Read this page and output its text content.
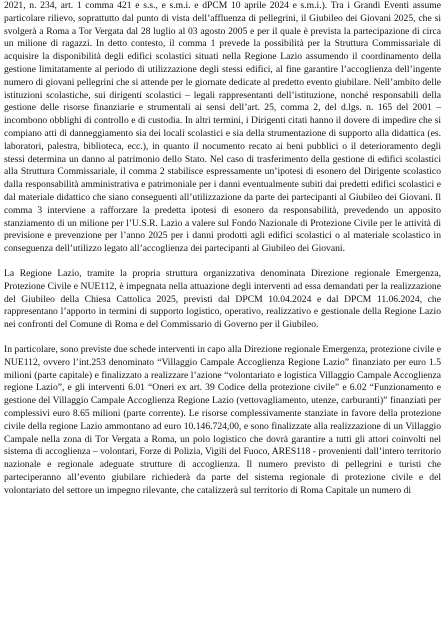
2021, n. 234, art. 1 comma 421 e s.s., e s.m.i. e dPCM 10 aprile 2024 e s.m.i.). Tra i Grandi Eventi assume particolare rilievo, soprattutto dal punto di vista dell’affluenza di pellegrini, il Giubileo dei Giovani 2025, che si svolgerà a Roma a Tor Vergata dal 28 luglio al 03 agosto 2005 e per il quale è prevista la partecipazione di circa un milione di ragazzi. In detto contesto, il comma 1 prevede la possibilità per la Struttura Commissariale di acquisire la disponibilità degli edifici scolastici situati nella Regione Lazio assumendo il coordinamento della gestione limitatamente al periodo di utilizzazione degli stessi edifici, al fine garantire l’accoglienza dell’ingente numero di giovani pellegrini che si attende per le giornate dedicate al predetto evento giubilare. Nell’ambito delle istituzioni scolastiche, sui dirigenti scolastici – legali rappresentanti dell’istituzione, nonché responsabili della gestione delle risorse finanziarie e strumentali ai sensi dell’art. 25, comma 2, del d.lgs. n. 165 del 2001 – incombono obblighi di controllo e di custodia. In altri termini, i Dirigenti citati hanno il dovere di impedire che si compiano atti di danneggiamento sia dei locali scolastici e sia della strumentazione di supporto alla didattica (es. laboratori, palestra, biblioteca, ecc.), in quanto il nocumento recato ai beni pubblici o il deterioramento degli stessi determina un danno al patrimonio dello Stato. Nel caso di trasferimento della gestione di edifici scolastici alla Struttura Commissariale, il comma 2 stabilisce espressamente un’ipotesi di esonero del Dirigente scolastico dalla responsabilità amministrativa e patrimoniale per i danni eventualmente subiti dai predetti edifici scolastici e dal materiale didattico che siano conseguenti all’utilizzazione da parte dei partecipanti al Giubileo dei Giovani. Il comma 3 interviene a rafforzare la predetta ipotesi di esonero da responsabilità, prevedendo un apposito stanziamento di un milione per l’U.S.R. Lazio a valere sul Fondo Nazionale di Protezione Civile per le attività di previsione e prevenzione per l’anno 2025 per i danni prodotti agli edifici scolastici o al materiale scolastico in conseguenza dell’utilizzo legato all’accoglienza dei partecipanti al Giubileo dei Giovani.

La Regione Lazio, tramite la propria struttura organizzativa denominata Direzione regionale Emergenza, Protezione Civile e NUE112, è impegnata nella attuazione degli interventi ad essa demandati per la realizzazione del Giubileo della Chiesa Cattolica 2025, previsti dal DPCM 10.04.2024 e dal DPCM 11.06.2024, che rappresentano l’apporto in termini di supporto logistico, operativo, realizzativo e gestionale della Regione Lazio nei confronti del Comune di Roma e del Commissario di Governo per il Giubileo.

In particolare, sono previste due schede interventi in capo alla Direzione regionale Emergenza, protezione civile e NUE112, ovvero l’int.253 denominato “Villaggio Campale Accoglienza Regione Lazio” finanziato per euro 1.5 milioni (parte capitale) e finalizzato a realizzare l’azione “volontariato e logistica Villaggio Campale Accoglienza regione Lazio”, e gli interventi 6.01 “Oneri ex art. 39 Codice della protezione civile” e 6.02 “Funzionamento e gestione del Villaggio Campale Accoglienza Regione Lazio (vettovagliamento, utenze, carburanti)” finanziati per complessivi euro 8.65 milioni (parte corrente). Le risorse complessivamente stanziate in favore della protezione civile della regione Lazio ammontano ad euro 10.146.724,00, e sono finalizzate alla realizzazione di un Villaggio Campale nella zona di Tor Vergata a Roma, un polo logistico che dovrà garantire a tutti gli attori coinvolti nel sistema di accoglienza – volontari, Forze di Polizia, Vigili del Fuoco, ARES118 - provenienti dall’intero territorio nazionale e regionale adeguate strutture di accoglienza. Il numero previsto di pellegrini e turisti che parteciperanno all’evento giubilare richiederà da parte del sistema regionale di protezione civile e del volontariato del settore un impegno rilevante, che catalizzerà sul territorio di Roma Capitale un numero di
